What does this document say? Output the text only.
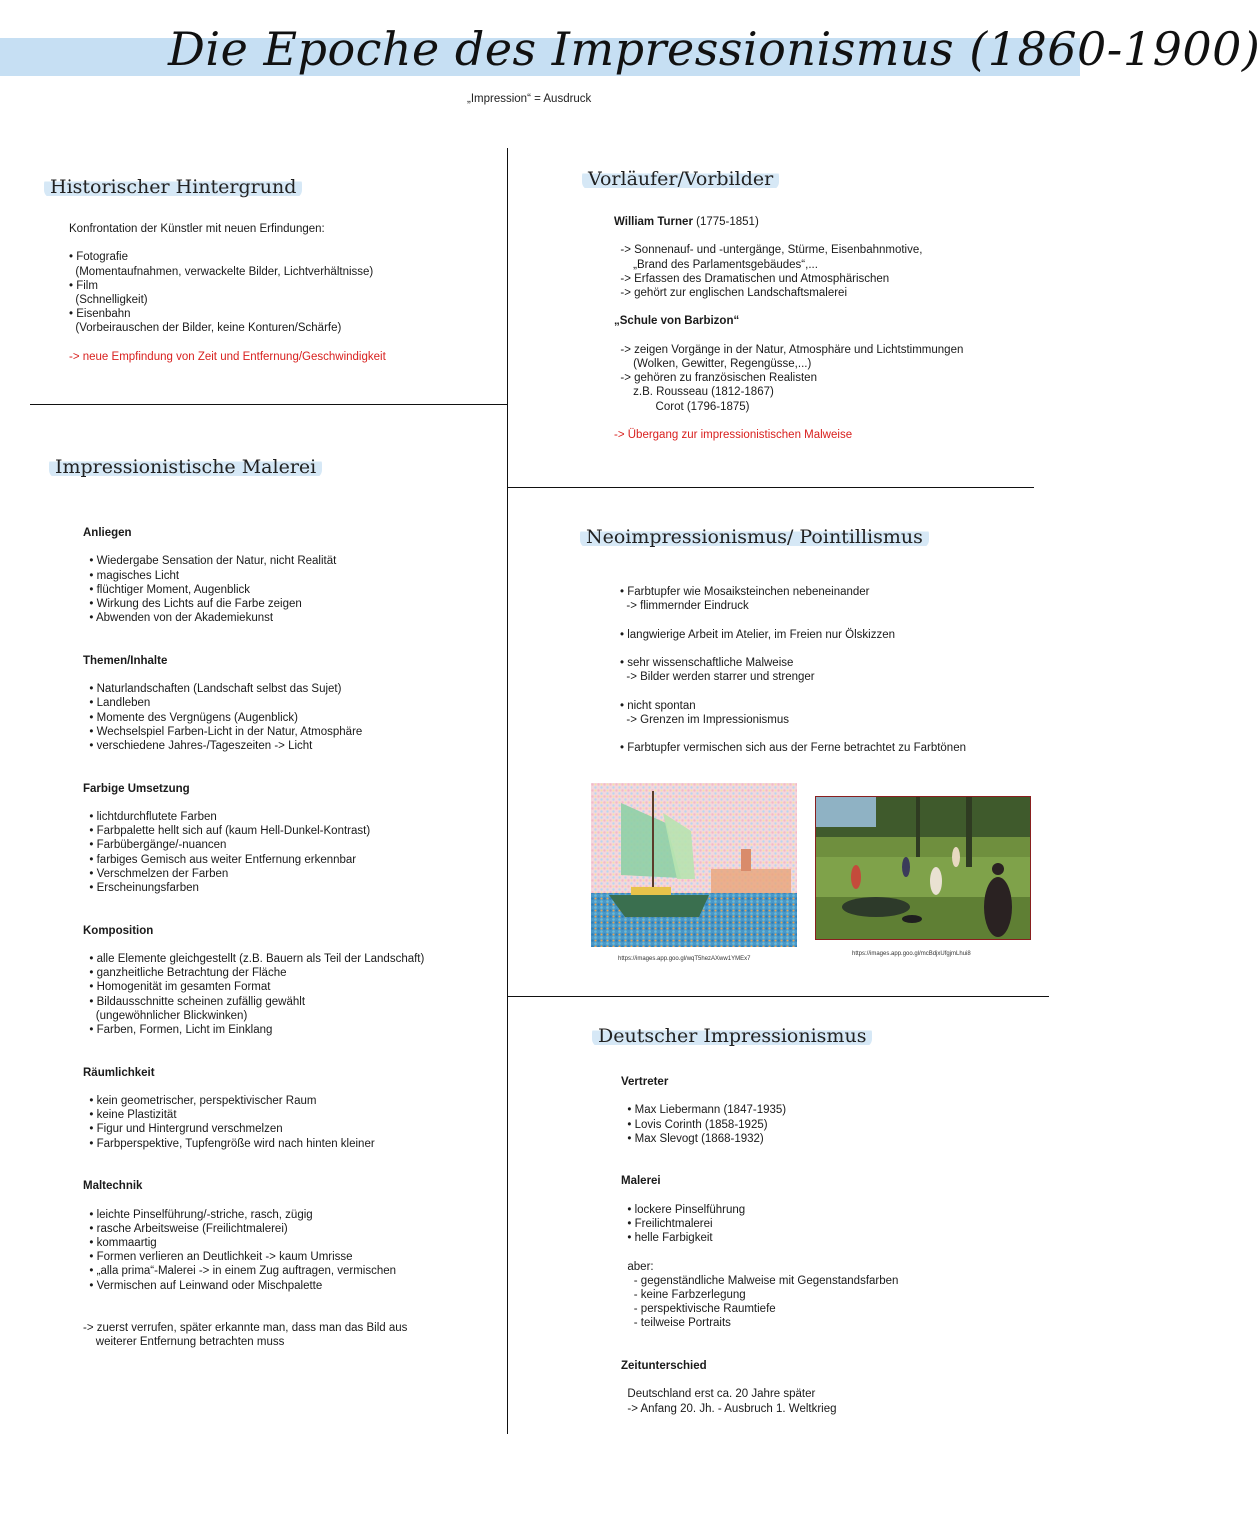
Die Epoche des Impressionismus (1860-1900)
„Impression“ = Ausdruck
Historischer Hintergrund
Konfrontation der Künstler mit neuen Erfindungen:
• Fotografie
(Momentaufnahmen, verwackelte Bilder, Lichtverhältnisse)
• Film
(Schnelligkeit)
• Eisenbahn
(Vorbeirauschen der Bilder, keine Konturen/Schärfe)
-> neue Empfindung von Zeit und Entfernung/Geschwindigkeit
Vorläufer/Vorbilder
William Turner (1775-1851)
-> Sonnenauf- und -untergänge, Stürme, Eisenbahnmotive,
„Brand des Parlamentsgebäudes“,...
-> Erfassen des Dramatischen und Atmosphärischen
-> gehört zur englischen Landschaftsmalerei
„Schule von Barbizon“
-> zeigen Vorgänge in der Natur, Atmosphäre und Lichtstimmungen
(Wolken, Gewitter, Regengüsse,...)
-> gehören zu französischen Realisten
z.B. Rousseau (1812-1867)
Corot (1796-1875)
-> Übergang zur impressionistischen Malweise
Impressionistische Malerei
Anliegen
• Wiedergabe Sensation der Natur, nicht Realität
• magisches Licht
• flüchtiger Moment, Augenblick
• Wirkung des Lichts auf die Farbe zeigen
• Abwenden von der Akademiekunst
Themen/Inhalte
• Naturlandschaften (Landschaft selbst das Sujet)
• Landleben
• Momente des Vergnügens (Augenblick)
• Wechselspiel Farben-Licht in der Natur, Atmosphäre
• verschiedene Jahres-/Tageszeiten -> Licht
Farbige Umsetzung
• lichtdurchflutete Farben
• Farbpalette hellt sich auf (kaum Hell-Dunkel-Kontrast)
• Farbübergänge/-nuancen
• farbiges Gemisch aus weiter Entfernung erkennbar
• Verschmelzen der Farben
• Erscheinungsfarben
Komposition
• alle Elemente gleichgestellt (z.B. Bauern als Teil der Landschaft)
• ganzheitliche Betrachtung der Fläche
• Homogenität im gesamten Format
• Bildausschnitte scheinen zufällig gewählt
(ungewöhnlicher Blickwinken)
• Farben, Formen, Licht im Einklang
Räumlichkeit
• kein geometrischer, perspektivischer Raum
• keine Plastizität
• Figur und Hintergrund verschmelzen
• Farbperspektive, Tupfengröße wird nach hinten kleiner
Maltechnik
• leichte Pinselführung/-striche, rasch, zügig
• rasche Arbeitsweise (Freilichtmalerei)
• kommaartig
• Formen verlieren an Deutlichkeit -> kaum Umrisse
• „alla prima“-Malerei -> in einem Zug auftragen, vermischen
• Vermischen auf Leinwand oder Mischpalette
-> zuerst verrufen, später erkannte man, dass man das Bild aus
weiterer Entfernung betrachten muss
Neoimpressionismus/ Pointillismus
• Farbtupfer wie Mosaiksteinchen nebeneinander
-> flimmernder Eindruck
• langwierige Arbeit im Atelier, im Freien nur Ölskizzen
• sehr wissenschaftliche Malweise
-> Bilder werden starrer und strenger
• nicht spontan
-> Grenzen im Impressionismus
• Farbtupfer vermischen sich aus der Ferne betrachtet zu Farbtönen
https://images.app.goo.gl/wqT5hezAXww1YMEx7
https://images.app.goo.gl/mcBdjxUfgjmLhui8
Deutscher Impressionismus
Vertreter
• Max Liebermann (1847-1935)
• Lovis Corinth (1858-1925)
• Max Slevogt (1868-1932)
Malerei
• lockere Pinselführung
• Freilichtmalerei
• helle Farbigkeit
aber:
- gegenständliche Malweise mit Gegenstandsfarben
- keine Farbzerlegung
- perspektivische Raumtiefe
- teilweise Portraits
Zeitunterschied
Deutschland erst ca. 20 Jahre später
-> Anfang 20. Jh. - Ausbruch 1. Weltkrieg
